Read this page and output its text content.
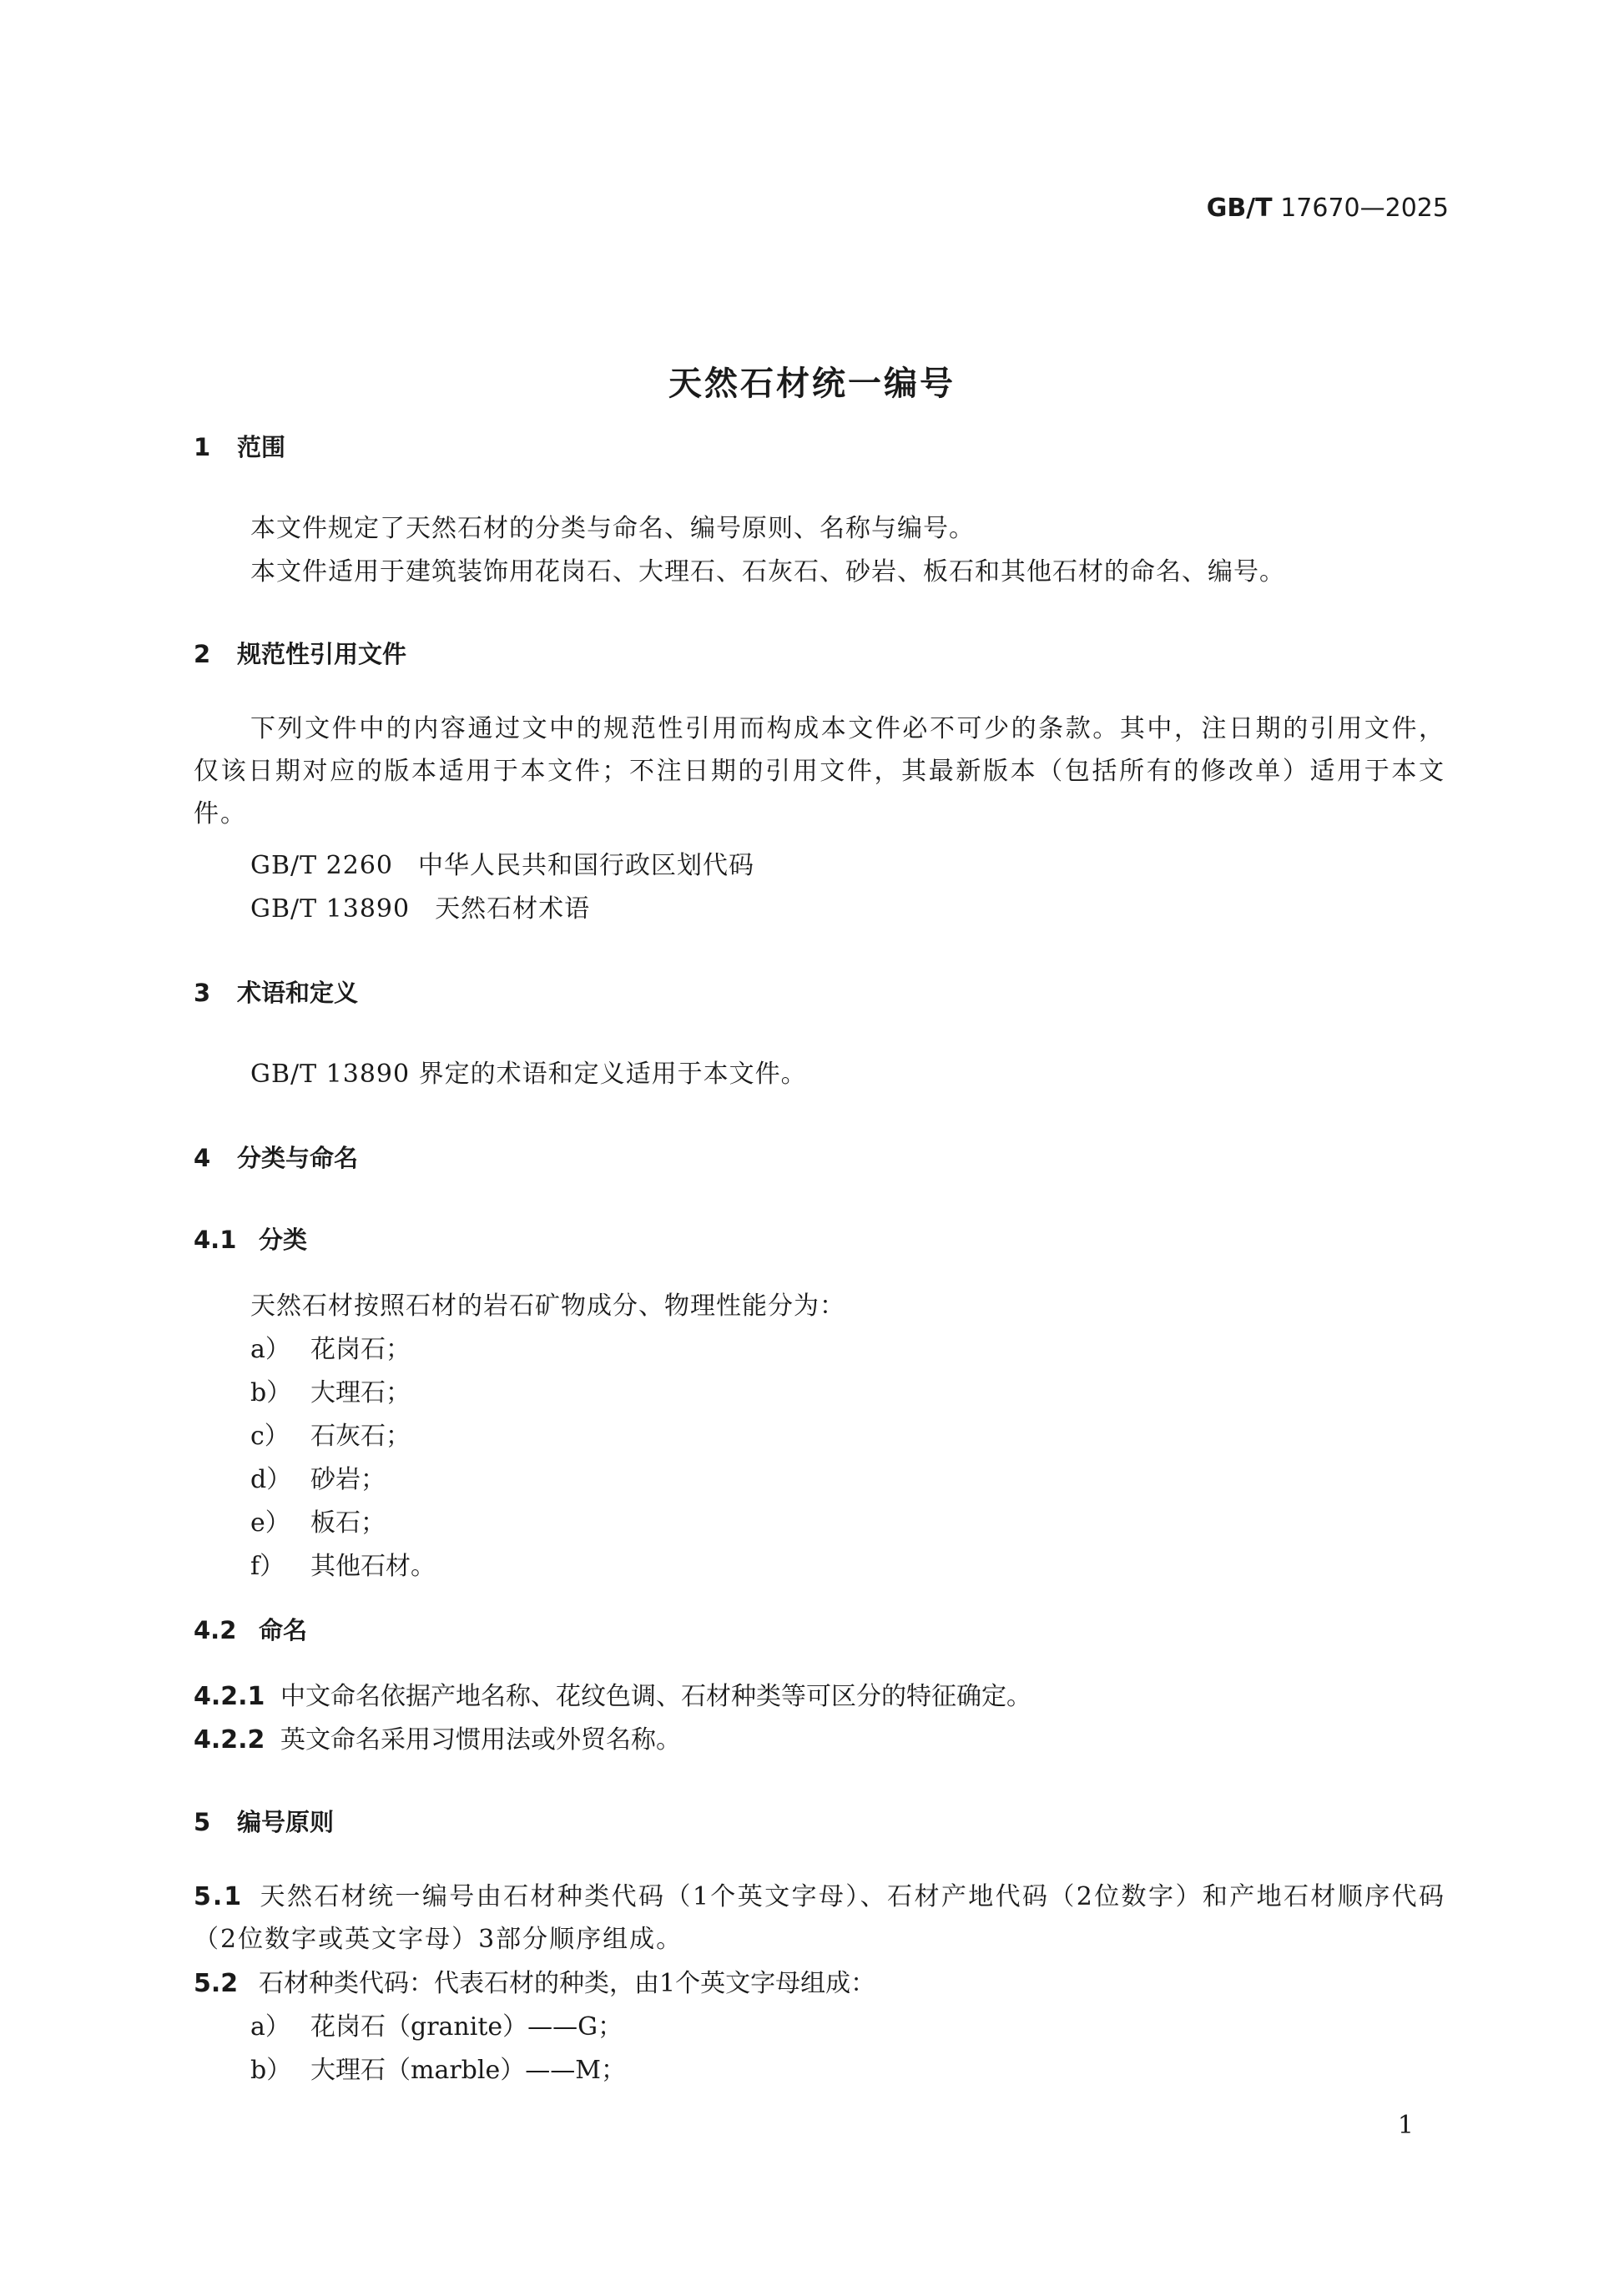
GB/T 17670—2025
天然石材统一编号
1 范围
本文件规定了天然石材的分类与命名、编号原则、名称与编号。
本文件适用于建筑装饰用花岗石、大理石、石灰石、砂岩、板石和其他石材的命名、编号。
2 规范性引用文件
下列文件中的内容通过文中的规范性引用而构成本文件必不可少的条款。其中，注日期的引用文件，仅该日期对应的版本适用于本文件；不注日期的引用文件，其最新版本（包括所有的修改单）适用于本文件。
GB/T 2260 中华人民共和国行政区划代码
GB/T 13890 天然石材术语
3 术语和定义
GB/T 13890 界定的术语和定义适用于本文件。
4 分类与命名
4.1 分类
天然石材按照石材的岩石矿物成分、物理性能分为：
a） 花岗石；
b） 大理石；
c） 石灰石；
d） 砂岩；
e） 板石；
f） 其他石材。
4.2 命名
4.2.1 中文命名依据产地名称、花纹色调、石材种类等可区分的特征确定。
4.2.2 英文命名采用习惯用法或外贸名称。
5 编号原则
5.1 天然石材统一编号由石材种类代码（1个英文字母）、石材产地代码（2位数字）和产地石材顺序代码（2位数字或英文字母）3部分顺序组成。
5.2 石材种类代码：代表石材的种类，由1个英文字母组成：
a） 花岗石（granite）——G；
b） 大理石（marble）——M；
1
